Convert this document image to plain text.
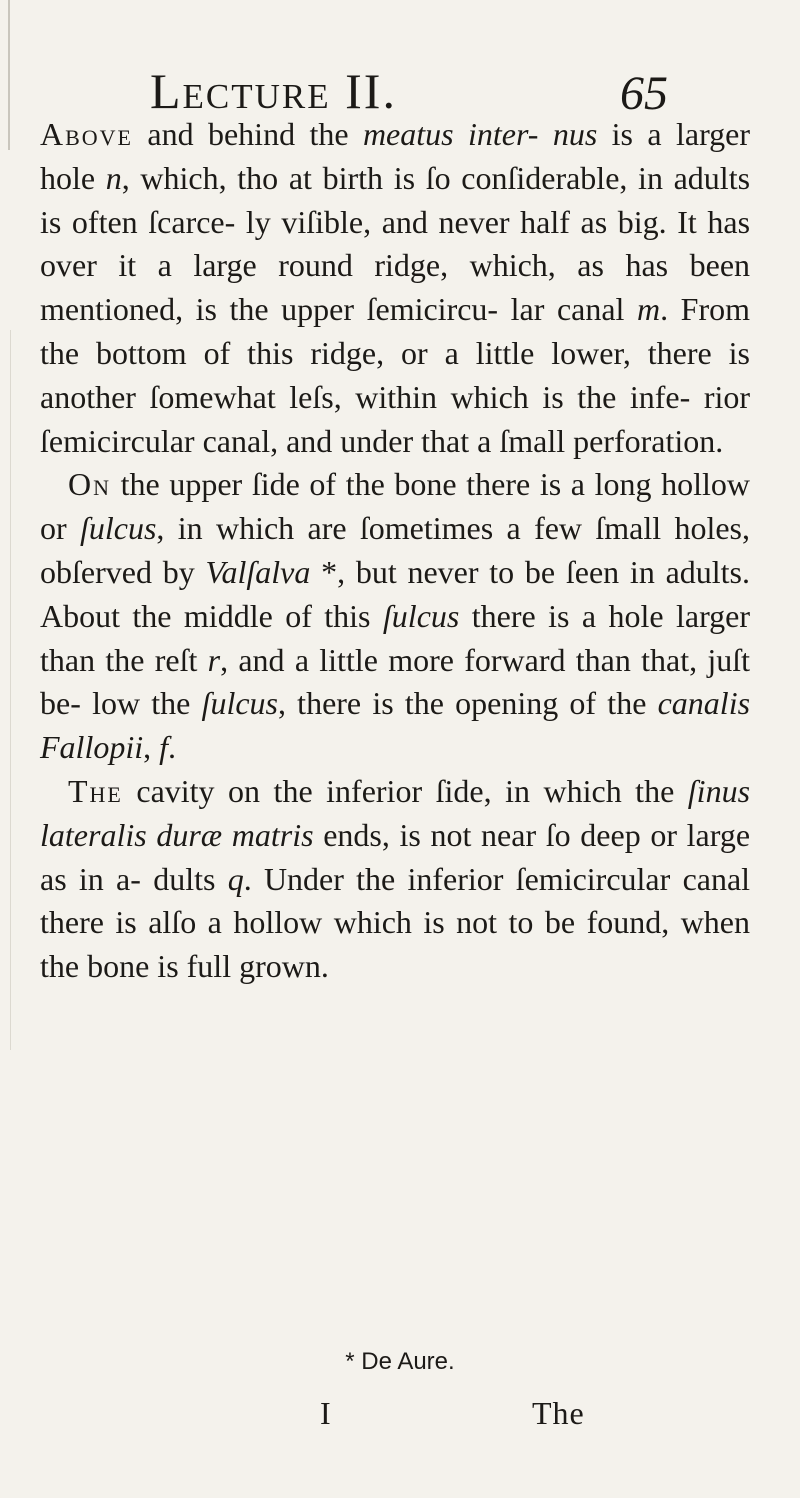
Lecture II.	65

Above and behind the meatus inter- nus is a larger hole n, which, tho at birth is ſo conſiderable, in adults is often ſcarce- ly viſible, and never half as big. It has over it a large round ridge, which, as has been mentioned, is the upper ſemicircu- lar canal m. From the bottom of this ridge, or a little lower, there is another ſomewhat leſs, within which is the infe- rior ſemicircular canal, and under that a ſmall perforation.

On the upper ſide of the bone there is a long hollow or ſulcus, in which are ſometimes a few ſmall holes, obſerved by Valſalva *, but never to be ſeen in adults. About the middle of this ſulcus there is a hole larger than the reſt r, and a little more forward than that, juſt be- low the ſulcus, there is the opening of the canalis Fallopii, f.

The cavity on the inferior ſide, in which the ſinus lateralis duræ matris ends, is not near ſo deep or large as in a- dults q. Under the inferior ſemicircular canal there is alſo a hollow which is not to be found, when the bone is full grown.

* De Aure.
I	The
